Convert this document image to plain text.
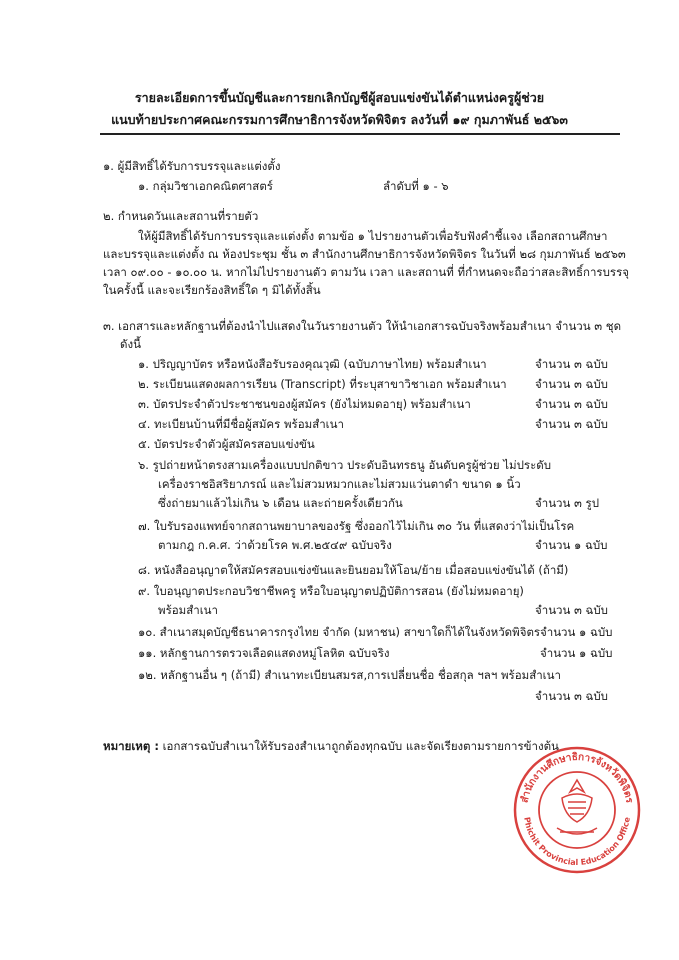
รายละเอียดการขึ้นบัญชีและการยกเลิกบัญชีผู้สอบแข่งขันได้ตำแหน่งครูผู้ช่วย
แนบท้ายประกาศคณะกรรมการศึกษาธิการจังหวัดพิจิตร ลงวันที่ ๑๙ กุมภาพันธ์ ๒๕๖๓
๑. ผู้มีสิทธิ์ได้รับการบรรจุและแต่งตั้ง
๑. กลุ่มวิชาเอกคณิตศาสตร์	ลำดับที่ ๑ - ๖
๒. กำหนดวันและสถานที่รายตัว
ให้ผู้มีสิทธิ์ได้รับการบรรจุและแต่งตั้ง ตามข้อ ๑ ไปรายงานตัวเพื่อรับฟังคำชี้แจง เลือกสถานศึกษา
และบรรจุและแต่งตั้ง ณ ห้องประชุม ชั้น ๓ สำนักงานศึกษาธิการจังหวัดพิจิตร ในวันที่ ๒๘ กุมภาพันธ์ ๒๕๖๓
เวลา ๐๙.๐๐ - ๑๐.๐๐ น. หากไม่ไปรายงานตัว ตามวัน เวลา และสถานที่ ที่กำหนดจะถือว่าสละสิทธิ์การบรรจุ
ในครั้งนี้ และจะเรียกร้องสิทธิ์ใด ๆ มิได้ทั้งสิ้น
๓. เอกสารและหลักฐานที่ต้องนำไปแสดงในวันรายงานตัว ให้นำเอกสารฉบับจริงพร้อมสำเนา จำนวน ๓ ชุด
ดังนี้
๑. ปริญญาบัตร หรือหนังสือรับรองคุณวุฒิ (ฉบับภาษาไทย) พร้อมสำเนา	จำนวน ๓ ฉบับ
๒. ระเบียนแสดงผลการเรียน (Transcript) ที่ระบุสาขาวิชาเอก พร้อมสำเนา จำนวน ๓ ฉบับ
๓. บัตรประจำตัวประชาชนของผู้สมัคร (ยังไม่หมดอายุ) พร้อมสำเนา	จำนวน ๓ ฉบับ
๔. ทะเบียนบ้านที่มีชื่อผู้สมัคร พร้อมสำเนา	จำนวน ๓ ฉบับ
๕. บัตรประจำตัวผู้สมัครสอบแข่งขัน
๖. รูปถ่ายหน้าตรงสามเครื่องแบบปกติขาว ประดับอินทรธนู อันดับครูผู้ช่วย ไม่ประดับ
เครื่องราชอิสริยาภรณ์ และไม่สวมหมวกและไม่สวมแว่นตาดำ ขนาด ๑ นิ้ว
ซึ่งถ่ายมาแล้วไม่เกิน ๖ เดือน และถ่ายครั้งเดียวกัน	จำนวน ๓ รูป
๗. ใบรับรองแพทย์จากสถานพยาบาลของรัฐ ซึ่งออกไว้ไม่เกิน ๓๐ วัน ที่แสดงว่าไม่เป็นโรค
ตามกฎ ก.ค.ศ. ว่าด้วยโรค พ.ศ.๒๕๔๙ ฉบับจริง	จำนวน ๑ ฉบับ
๘. หนังสืออนุญาตให้สมัครสอบแข่งขันและยินยอมให้โอน/ย้าย เมื่อสอบแข่งขันได้ (ถ้ามี)
๙. ใบอนุญาตประกอบวิชาชีพครู หรือใบอนุญาตปฏิบัติการสอน (ยังไม่หมดอายุ)
พร้อมสำเนา	จำนวน ๓ ฉบับ
๑๐. สำเนาสมุดบัญชีธนาคารกรุงไทย จำกัด (มหาชน) สาขาใดก็ได้ในจังหวัดพิจิตร จำนวน ๑ ฉบับ
๑๑. หลักฐานการตรวจเลือดแสดงหมู่โลหิต ฉบับจริง	จำนวน ๑ ฉบับ
๑๒. หลักฐานอื่น ๆ (ถ้ามี) สำเนาทะเบียนสมรส,การเปลี่ยนชื่อ ชื่อสกุล ฯลฯ พร้อมสำเนา
จำนวน ๓ ฉบับ
หมายเหตุ : เอกสารฉบับสำเนาให้รับรองสำเนาถูกต้องทุกฉบับ และจัดเรียงตามรายการข้างต้น
สำนักงานศึกษาธิการจังหวัดพิจิตร
Phichit Provincial Education Office
